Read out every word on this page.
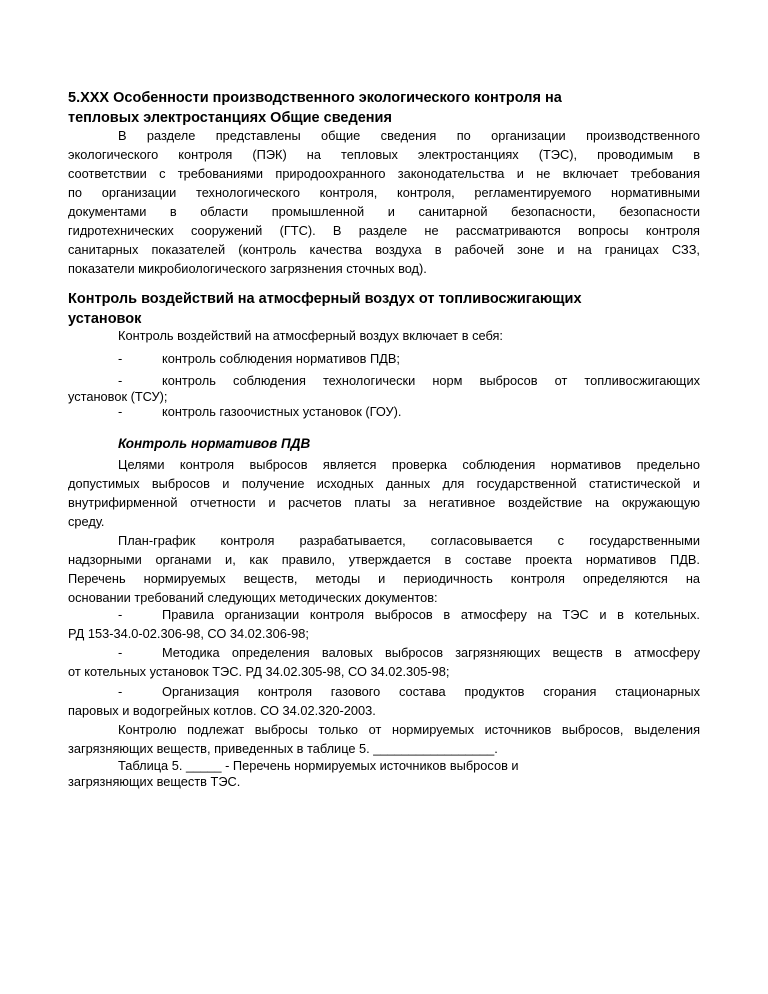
5.XXX Особенности производственного экологического контроля на
тепловых электростанциях Общие сведения
В разделе представлены общие сведения по организации производственного
экологического контроля (ПЭК) на тепловых электростанциях (ТЭС), проводимым в
соответствии с требованиями природоохранного законодательства и не включает требования
по организации технологического контроля, контроля, регламентируемого нормативными
документами в области промышленной и санитарной безопасности, безопасности
гидротехнических сооружений (ГТС). В разделе не рассматриваются вопросы контроля
санитарных показателей (контроль качества воздуха в рабочей зоне и на границах СЗЗ,
показатели микробиологического загрязнения сточных вод).
Контроль воздействий на атмосферный воздух от топливосжигающих
установок
Контроль воздействий на атмосферный воздух включает в себя:
-	контроль соблюдения нормативов ПДВ;
-	контроль соблюдения технологически норм выбросов от топливосжигающих
установок (ТСУ);
-	контроль газоочистных установок (ГОУ).
Контроль нормативов ПДВ
Целями контроля выбросов является проверка соблюдения нормативов предельно
допустимых выбросов и получение исходных данных для государственной статистической и
внутрифирменной отчетности и расчетов платы за негативное воздействие на окружающую
среду.
План-график контроля разрабатывается, согласовывается с государственными
надзорными органами и, как правило, утверждается в составе проекта нормативов ПДВ.
Перечень нормируемых веществ, методы и периодичность контроля определяются на
основании требований следующих методических документов:
-	Правила организации контроля выбросов в атмосферу на ТЭС и в котельных.
РД 153-34.0-02.306-98, СО 34.02.306-98;
-	Методика определения валовых выбросов загрязняющих веществ в атмосферу
от котельных установок ТЭС. РД 34.02.305-98, СО 34.02.305-98;
-	Организация контроля газового состава продуктов сгорания стационарных
паровых и водогрейных котлов. СО 34.02.320-2003.
Контролю подлежат выбросы только от нормируемых источников выбросов, выделения
загрязняющих веществ, приведенных в таблице 5. _________________.
Таблица 5. _____ - Перечень нормируемых источников выбросов и
загрязняющих веществ ТЭС.
